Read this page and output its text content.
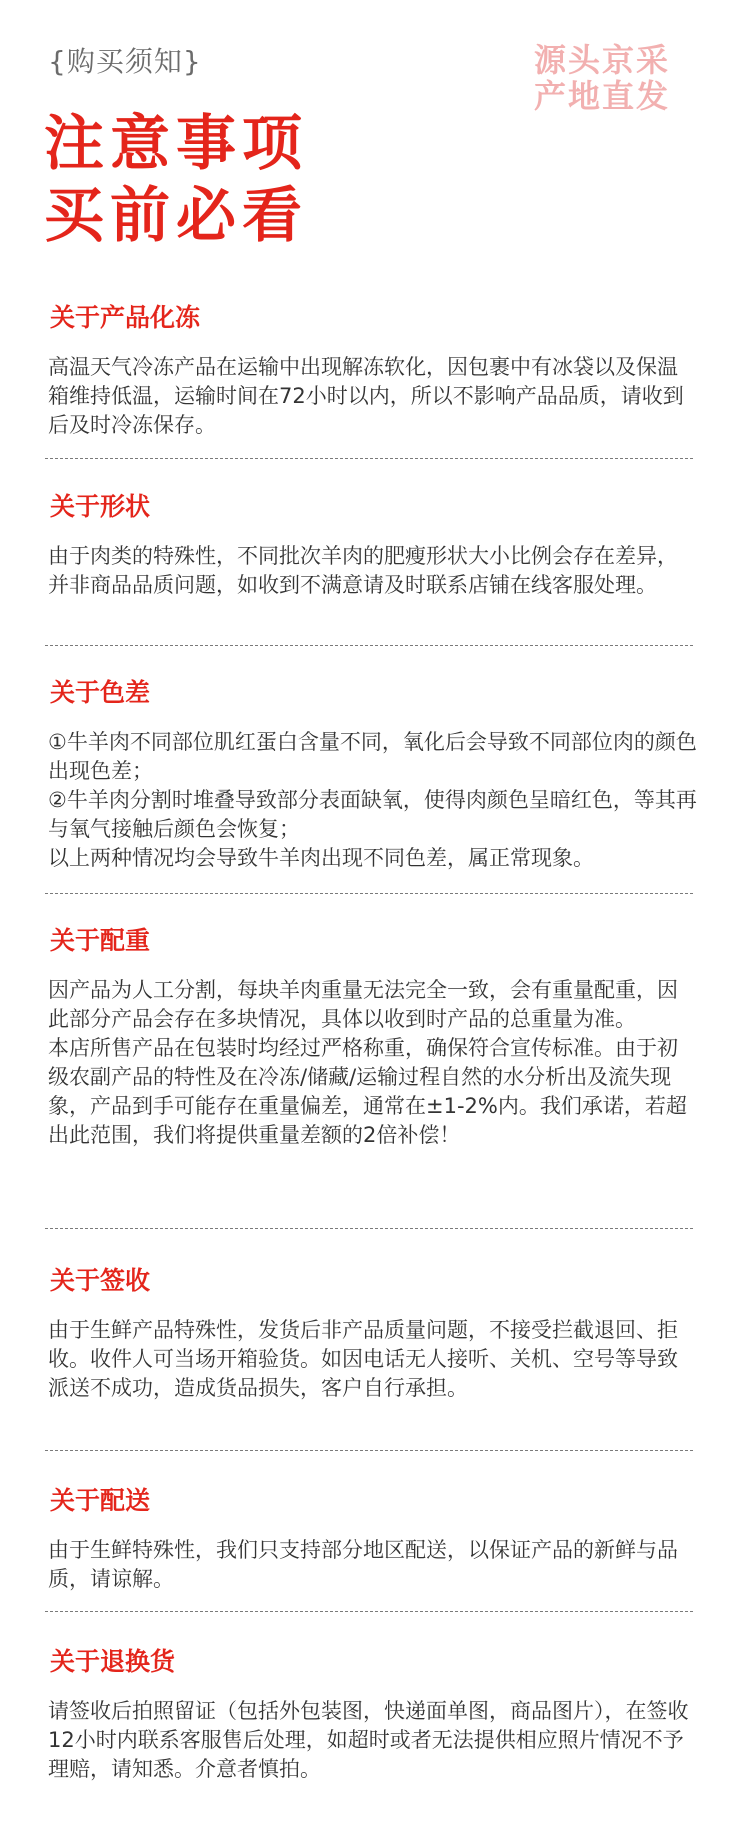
{购买须知}	源头京采
产地直发
注意事项
买前必看
关于产品化冻

高温天气冷冻产品在运输中出现解冻软化，因包裹中有冰袋以及保温箱维持低温，运输时间在72小时以内，所以不影响产品品质，请收到后及时冷冻保存。

关于形状

由于肉类的特殊性，不同批次羊肉的肥瘦形状大小比例会存在差异，并非商品品质问题，如收到不满意请及时联系店铺在线客服处理。

关于色差

①牛羊肉不同部位肌红蛋白含量不同，氧化后会导致不同部位肉的颜色出现色差；

②牛羊肉分割时堆叠导致部分表面缺氧，使得肉颜色呈暗红色，等其再与氧气接触后颜色会恢复；

以上两种情况均会导致牛羊肉出现不同色差，属正常现象。

关于配重

因产品为人工分割，每块羊肉重量无法完全一致，会有重量配重，因此部分产品会存在多块情况，具体以收到时产品的总重量为准。

本店所售产品在包装时均经过严格称重，确保符合宣传标准。由于初级农副产品的特性及在冷冻/储藏/运输过程自然的水分析出及流失现象，产品到手可能存在重量偏差，通常在±1-2%内。我们承诺，若超出此范围，我们将提供重量差额的2倍补偿！

关于签收

由于生鲜产品特殊性，发货后非产品质量问题，不接受拦截退回、拒收。收件人可当场开箱验货。如因电话无人接听、关机、空号等导致派送不成功，造成货品损失，客户自行承担。

关于配送

由于生鲜特殊性，我们只支持部分地区配送，以保证产品的新鲜与品质，请谅解。

关于退换货

请签收后拍照留证（包括外包装图，快递面单图，商品图片），在签收12小时内联系客服售后处理，如超时或者无法提供相应照片情况不予理赔，请知悉。介意者慎拍。
